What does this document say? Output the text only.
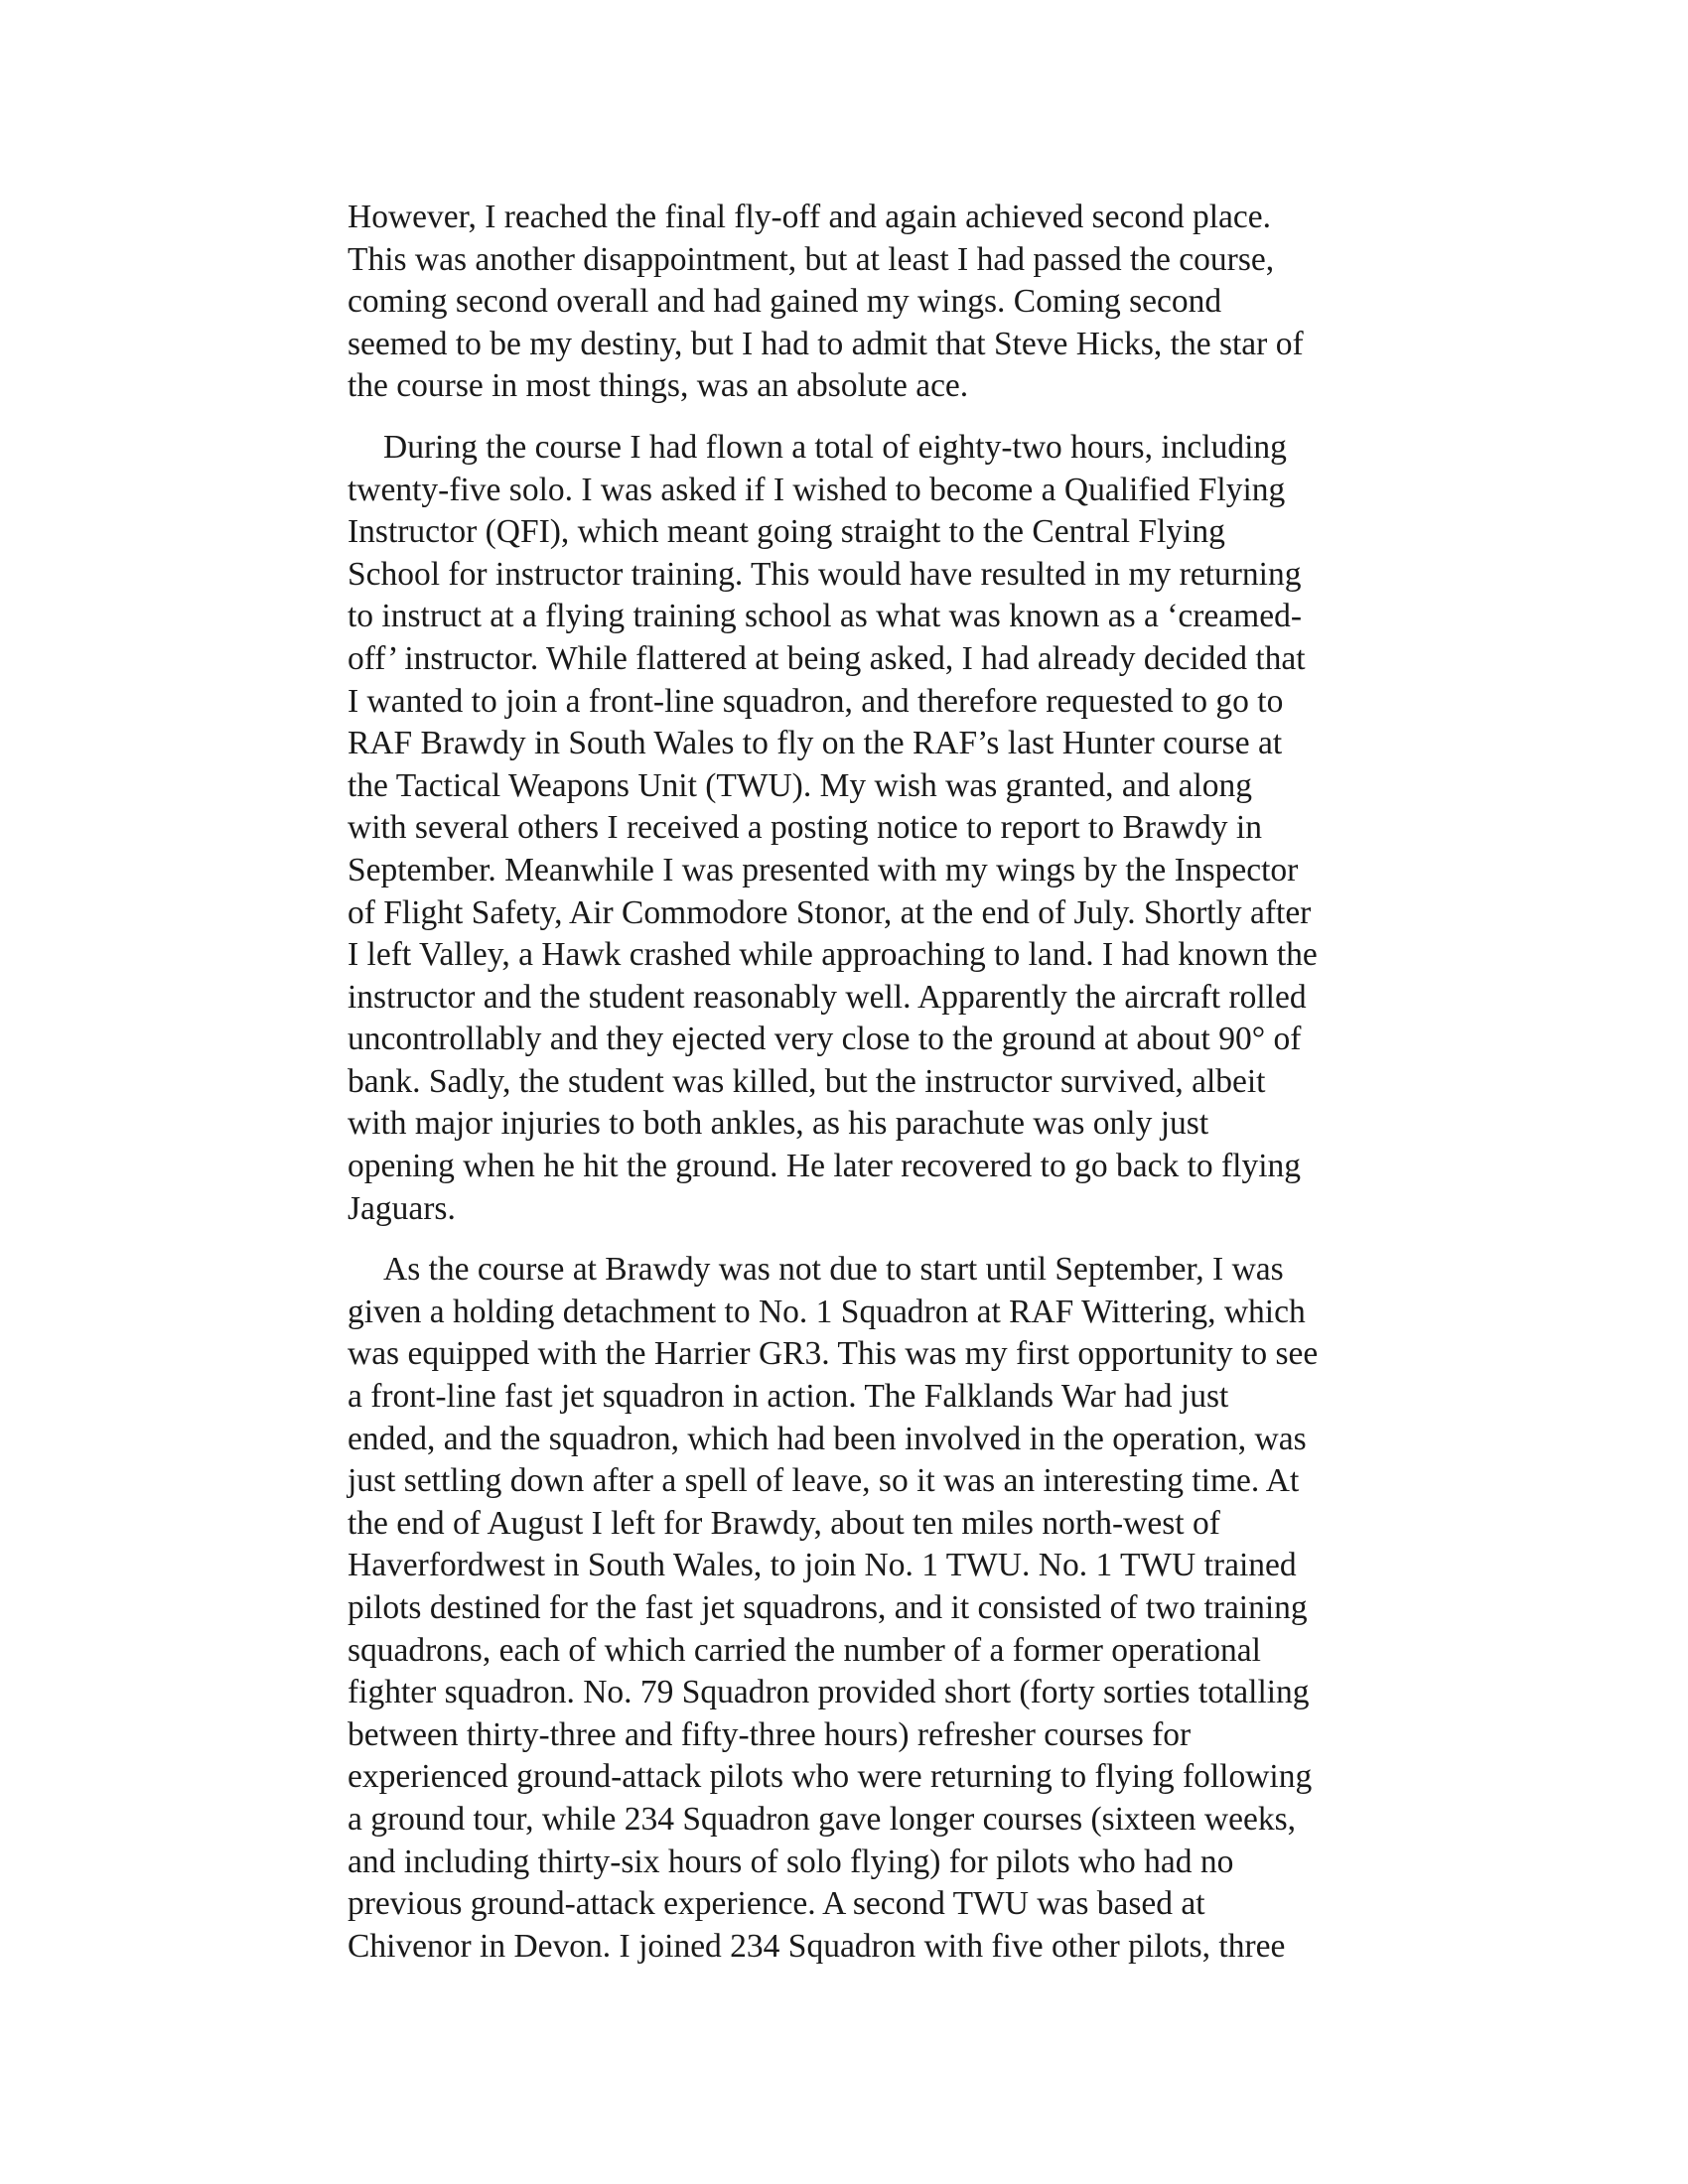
However, I reached the final fly-off and again achieved second place.
This was another disappointment, but at least I had passed the course,
coming second overall and had gained my wings. Coming second
seemed to be my destiny, but I had to admit that Steve Hicks, the star of
the course in most things, was an absolute ace.
During the course I had flown a total of eighty-two hours, including
twenty-five solo. I was asked if I wished to become a Qualified Flying
Instructor (QFI), which meant going straight to the Central Flying
School for instructor training. This would have resulted in my returning
to instruct at a flying training school as what was known as a ‘creamed-
off’ instructor. While flattered at being asked, I had already decided that
I wanted to join a front-line squadron, and therefore requested to go to
RAF Brawdy in South Wales to fly on the RAF’s last Hunter course at
the Tactical Weapons Unit (TWU). My wish was granted, and along
with several others I received a posting notice to report to Brawdy in
September. Meanwhile I was presented with my wings by the Inspector
of Flight Safety, Air Commodore Stonor, at the end of July. Shortly after
I left Valley, a Hawk crashed while approaching to land. I had known the
instructor and the student reasonably well. Apparently the aircraft rolled
uncontrollably and they ejected very close to the ground at about 90° of
bank. Sadly, the student was killed, but the instructor survived, albeit
with major injuries to both ankles, as his parachute was only just
opening when he hit the ground. He later recovered to go back to flying
Jaguars.
As the course at Brawdy was not due to start until September, I was
given a holding detachment to No. 1 Squadron at RAF Wittering, which
was equipped with the Harrier GR3. This was my first opportunity to see
a front-line fast jet squadron in action. The Falklands War had just
ended, and the squadron, which had been involved in the operation, was
just settling down after a spell of leave, so it was an interesting time. At
the end of August I left for Brawdy, about ten miles north-west of
Haverfordwest in South Wales, to join No. 1 TWU. No. 1 TWU trained
pilots destined for the fast jet squadrons, and it consisted of two training
squadrons, each of which carried the number of a former operational
fighter squadron. No. 79 Squadron provided short (forty sorties totalling
between thirty-three and fifty-three hours) refresher courses for
experienced ground-attack pilots who were returning to flying following
a ground tour, while 234 Squadron gave longer courses (sixteen weeks,
and including thirty-six hours of solo flying) for pilots who had no
previous ground-attack experience. A second TWU was based at
Chivenor in Devon. I joined 234 Squadron with five other pilots, three
